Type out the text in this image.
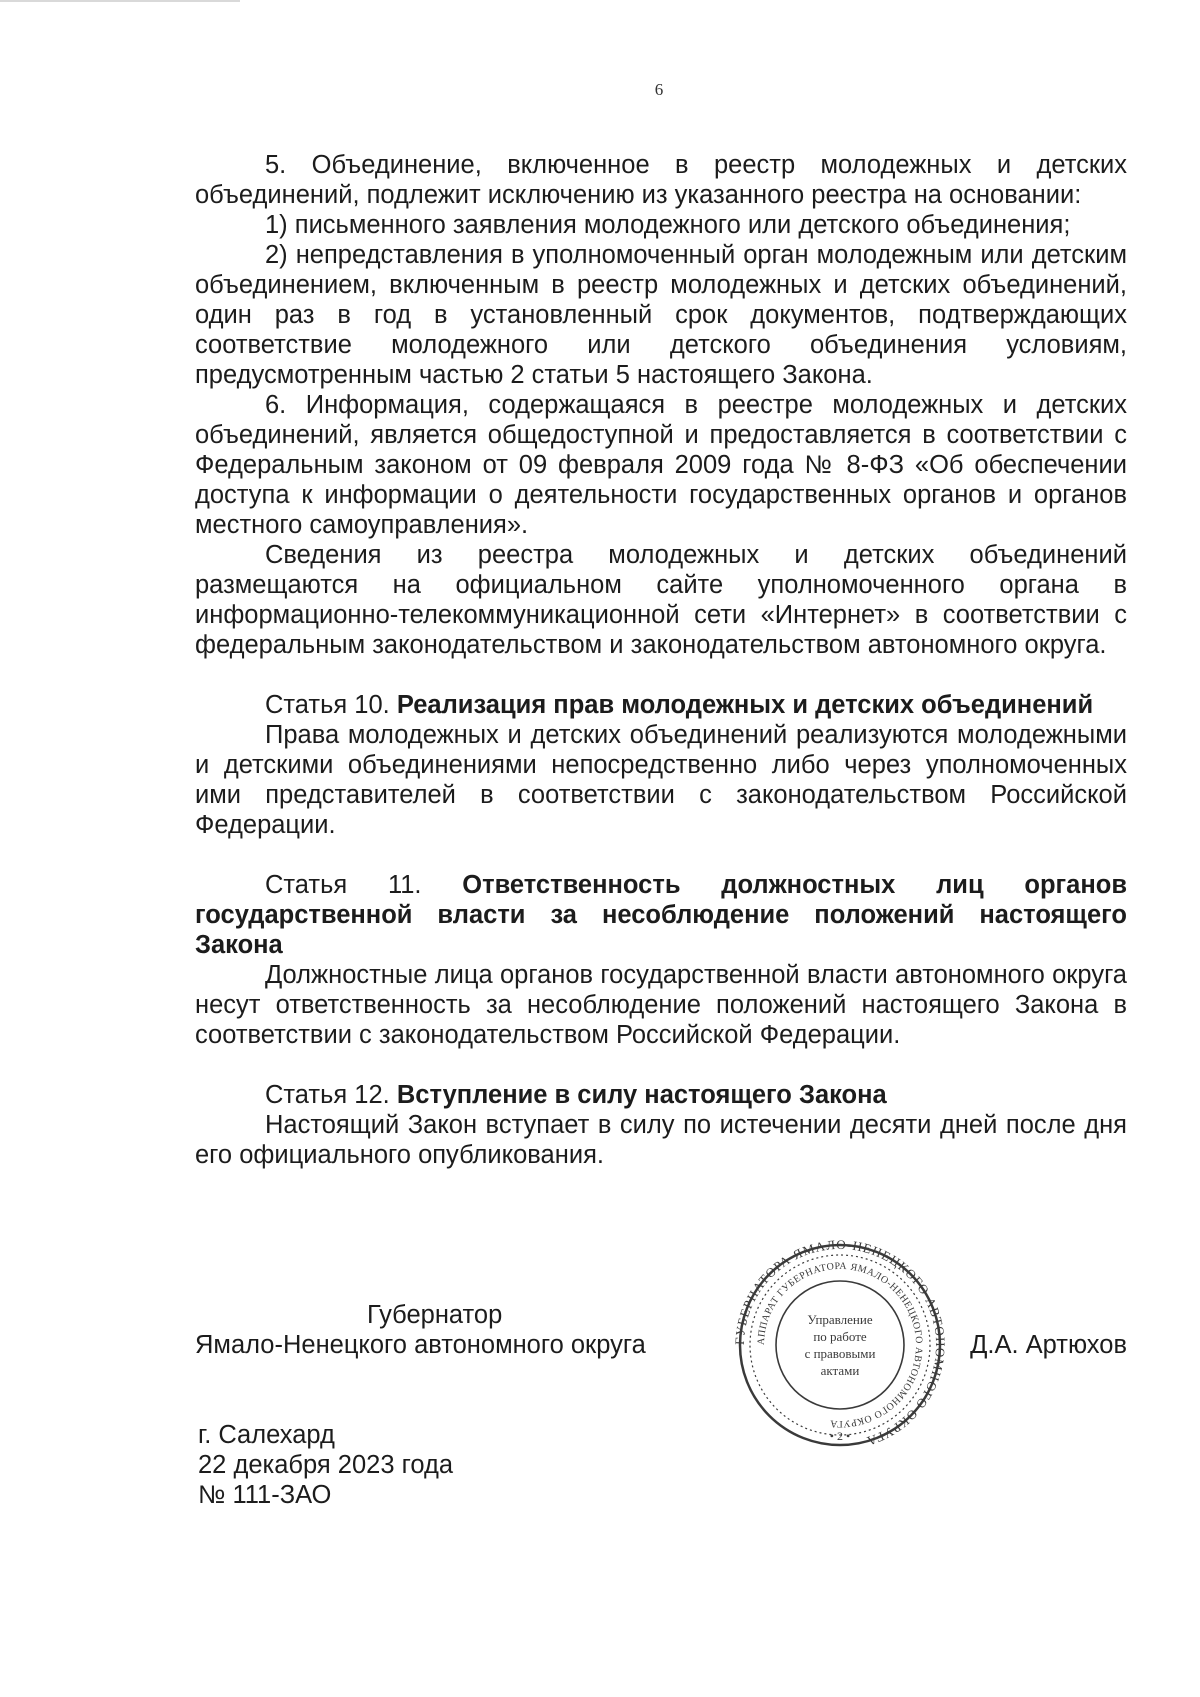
6

5. Объединение, включенное в реестр молодежных и детских объединений, подлежит исключению из указанного реестра на основании:

1) письменного заявления молодежного или детского объединения;

2) непредставления в уполномоченный орган молодежным или детским объединением, включенным в реестр молодежных и детских объединений, один раз в год в установленный срок документов, подтверждающих соответствие молодежного или детского объединения условиям, предусмотренным частью 2 статьи 5 настоящего Закона.

6. Информация, содержащаяся в реестре молодежных и детских объединений, является общедоступной и предоставляется в соответствии с Федеральным законом от 09 февраля 2009 года № 8-ФЗ «Об обеспечении доступа к информации о деятельности государственных органов и органов местного самоуправления».

Сведения из реестра молодежных и детских объединений размещаются на официальном сайте уполномоченного органа в информационно-телекоммуникационной сети «Интернет» в соответствии с федеральным законодательством и законодательством автономного округа.

Статья 10. Реализация прав молодежных и детских объединений

Права молодежных и детских объединений реализуются молодежными и детскими объединениями непосредственно либо через уполномоченных ими представителей в соответствии с законодательством Российской Федерации.

Статья 11. Ответственность должностных лиц органов государственной власти за несоблюдение положений настоящего Закона

Должностные лица органов государственной власти автономного округа несут ответственность за несоблюдение положений настоящего Закона в соответствии с законодательством Российской Федерации.

Статья 12. Вступление в силу настоящего Закона

Настоящий Закон вступает в силу по истечении десяти дней после дня его официального опубликования.

Губернатор
Ямало-Ненецкого автономного округа	Д.А. Артюхов
ГУБЕРНАТОРА ЯМАЛО-НЕНЕЦКОГО АВТОНОМНОГО ОКРУГА
АППАРАТ ГУБЕРНАТОРА ЯМАЛО-НЕНЕЦКОГО АВТОНОМНОГО ОКРУГА
Управление
по работе
с правовыми
актами
• 2 •
г. Салехард
22 декабря 2023 года
№ 111-ЗАО
